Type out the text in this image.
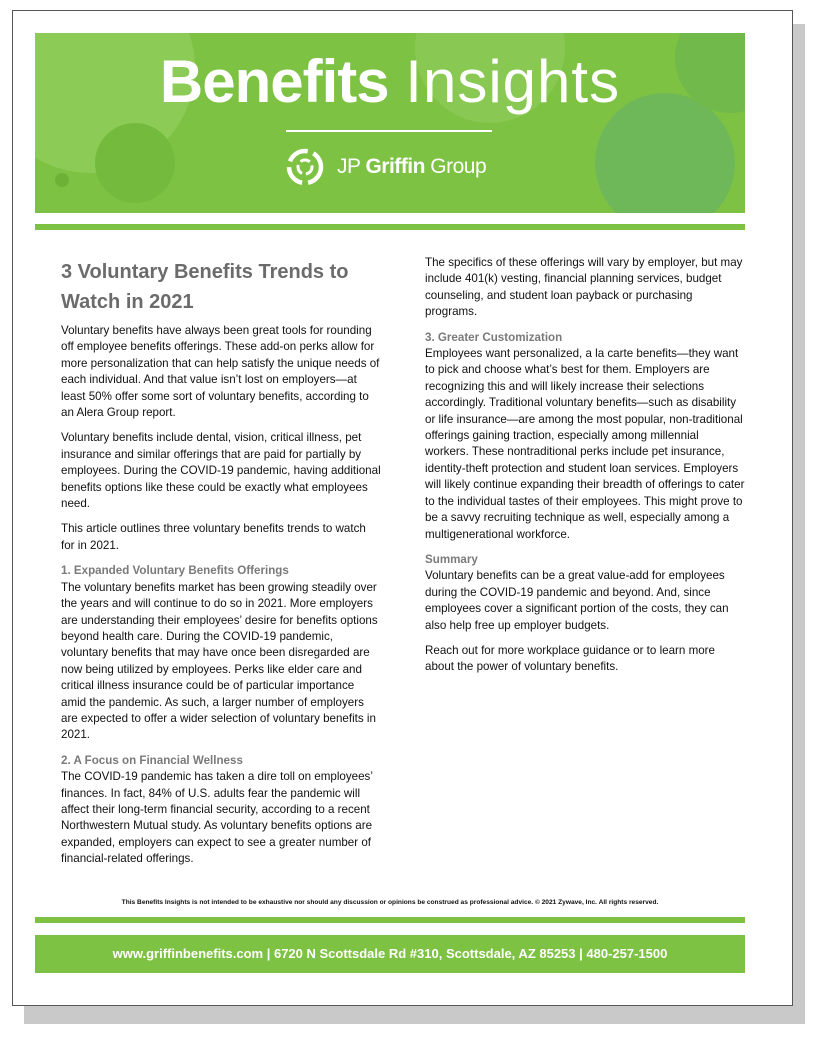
Benefits Insights
JP Griffin Group
3 Voluntary Benefits Trends to Watch in 2021

Voluntary benefits have always been great tools for rounding off employee benefits offerings. These add-on perks allow for more personalization that can help satisfy the unique needs of each individual. And that value isn’t lost on employers—at least 50% offer some sort of voluntary benefits, according to an Alera Group report.

Voluntary benefits include dental, vision, critical illness, pet insurance and similar offerings that are paid for partially by employees. During the COVID-19 pandemic, having additional benefits options like these could be exactly what employees need.

This article outlines three voluntary benefits trends to watch for in 2021.

1. Expanded Voluntary Benefits Offerings

The voluntary benefits market has been growing steadily over the years and will continue to do so in 2021. More employers are understanding their employees’ desire for benefits options beyond health care. During the COVID-19 pandemic, voluntary benefits that may have once been disregarded are now being utilized by employees. Perks like elder care and critical illness insurance could be of particular importance amid the pandemic. As such, a larger number of employers are expected to offer a wider selection of voluntary benefits in 2021.

2. A Focus on Financial Wellness

The COVID-19 pandemic has taken a dire toll on employees’ finances. In fact, 84% of U.S. adults fear the pandemic will affect their long-term financial security, according to a recent Northwestern Mutual study. As voluntary benefits options are expanded, employers can expect to see a greater number of financial-related offerings.

The specifics of these offerings will vary by employer, but may include 401(k) vesting, financial planning services, budget counseling, and student loan payback or purchasing programs.

3. Greater Customization

Employees want personalized, a la carte benefits—they want to pick and choose what’s best for them. Employers are recognizing this and will likely increase their selections accordingly. Traditional voluntary benefits—such as disability or life insurance—are among the most popular, non-traditional offerings gaining traction, especially among millennial workers. These nontraditional perks include pet insurance, identity-theft protection and student loan services. Employers will likely continue expanding their breadth of offerings to cater to the individual tastes of their employees. This might prove to be a savvy recruiting technique as well, especially among a multigenerational workforce.

Summary

Voluntary benefits can be a great value-add for employees during the COVID-19 pandemic and beyond. And, since employees cover a significant portion of the costs, they can also help free up employer budgets.

Reach out for more workplace guidance or to learn more about the power of voluntary benefits.

This Benefits Insights is not intended to be exhaustive nor should any discussion or opinions be construed as professional advice. © 2021 Zywave, Inc. All rights reserved.
www.griffinbenefits.com | 6720 N Scottsdale Rd #310, Scottsdale, AZ 85253 | 480-257-1500
